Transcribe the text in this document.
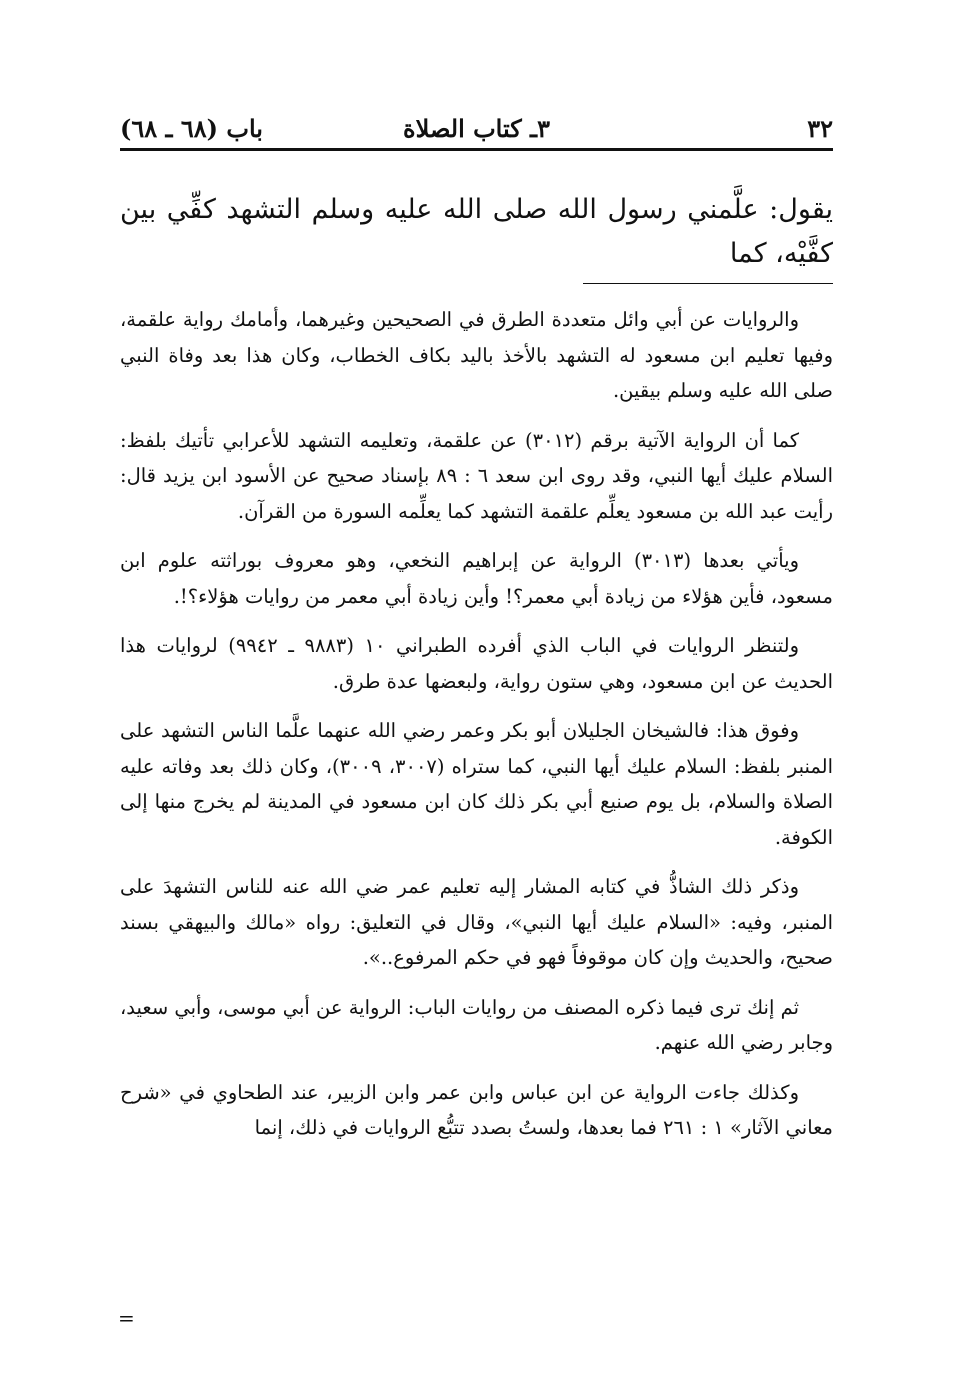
٣٢
٣ـ كتاب الصلاة
باب (٦٨ ـ ٦٨)
يقول: علَّمني رسول الله صلى الله عليه وسلم التشهد كفِّي بين كفَّيْه، كما

والروايات عن أبي وائل متعددة الطرق في الصحيحين وغيرهما، وأمامك رواية علقمة، وفيها تعليم ابن مسعود له التشهد بالأخذ باليد بكاف الخطاب، وكان هذا بعد وفاة النبي صلى الله عليه وسلم بيقين.

كما أن الرواية الآتية برقم (٣٠١٢) عن علقمة، وتعليمه التشهد للأعرابي تأتيك بلفظ: السلام عليك أيها النبي، وقد روى ابن سعد ٦ : ٨٩ بإسناد صحيح عن الأسود ابن يزيد قال: رأيت عبد الله بن مسعود يعلِّم علقمة التشهد كما يعلِّمه السورة من القرآن.

ويأتي بعدها (٣٠١٣) الرواية عن إبراهيم النخعي، وهو معروف بوراثته علوم ابن مسعود، فأين هؤلاء من زيادة أبي معمر؟! وأين زيادة أبي معمر من روايات هؤلاء؟!.

ولتنظر الروايات في الباب الذي أفرده الطبراني ١٠ (٩٨٨٣ ـ ٩٩٤٢) لروايات هذا الحديث عن ابن مسعود، وهي ستون رواية، ولبعضها عدة طرق.

وفوق هذا: فالشيخان الجليلان أبو بكر وعمر رضي الله عنهما علَّما الناس التشهد على المنبر بلفظ: السلام عليك أيها النبي، كما ستراه (٣٠٠٧، ٣٠٠٩)، وكان ذلك بعد وفاته عليه الصلاة والسلام، بل يوم صنيع أبي بكر ذلك كان ابن مسعود في المدينة لم يخرج منها إلى الكوفة.

وذكر ذلك الشاذُّ في كتابه المشار إليه تعليم عمر ضي الله عنه للناس التشهدَ على المنبر، وفيه: «السلام عليك أيها النبي»، وقال في التعليق: رواه «مالك والبيهقي بسند صحيح، والحديث وإن كان موقوفاً فهو في حكم المرفوع..».

ثم إنك ترى فيما ذكره المصنف من روايات الباب: الرواية عن أبي موسى، وأبي سعيد، وجابر رضي الله عنهم.

وكذلك جاءت الرواية عن ابن عباس وابن عمر وابن الزبير، عند الطحاوي في «شرح معاني الآثار» ١ : ٢٦١ فما بعدها، ولستُ بصدد تتبُّع الروايات في ذلك، إنما

=
